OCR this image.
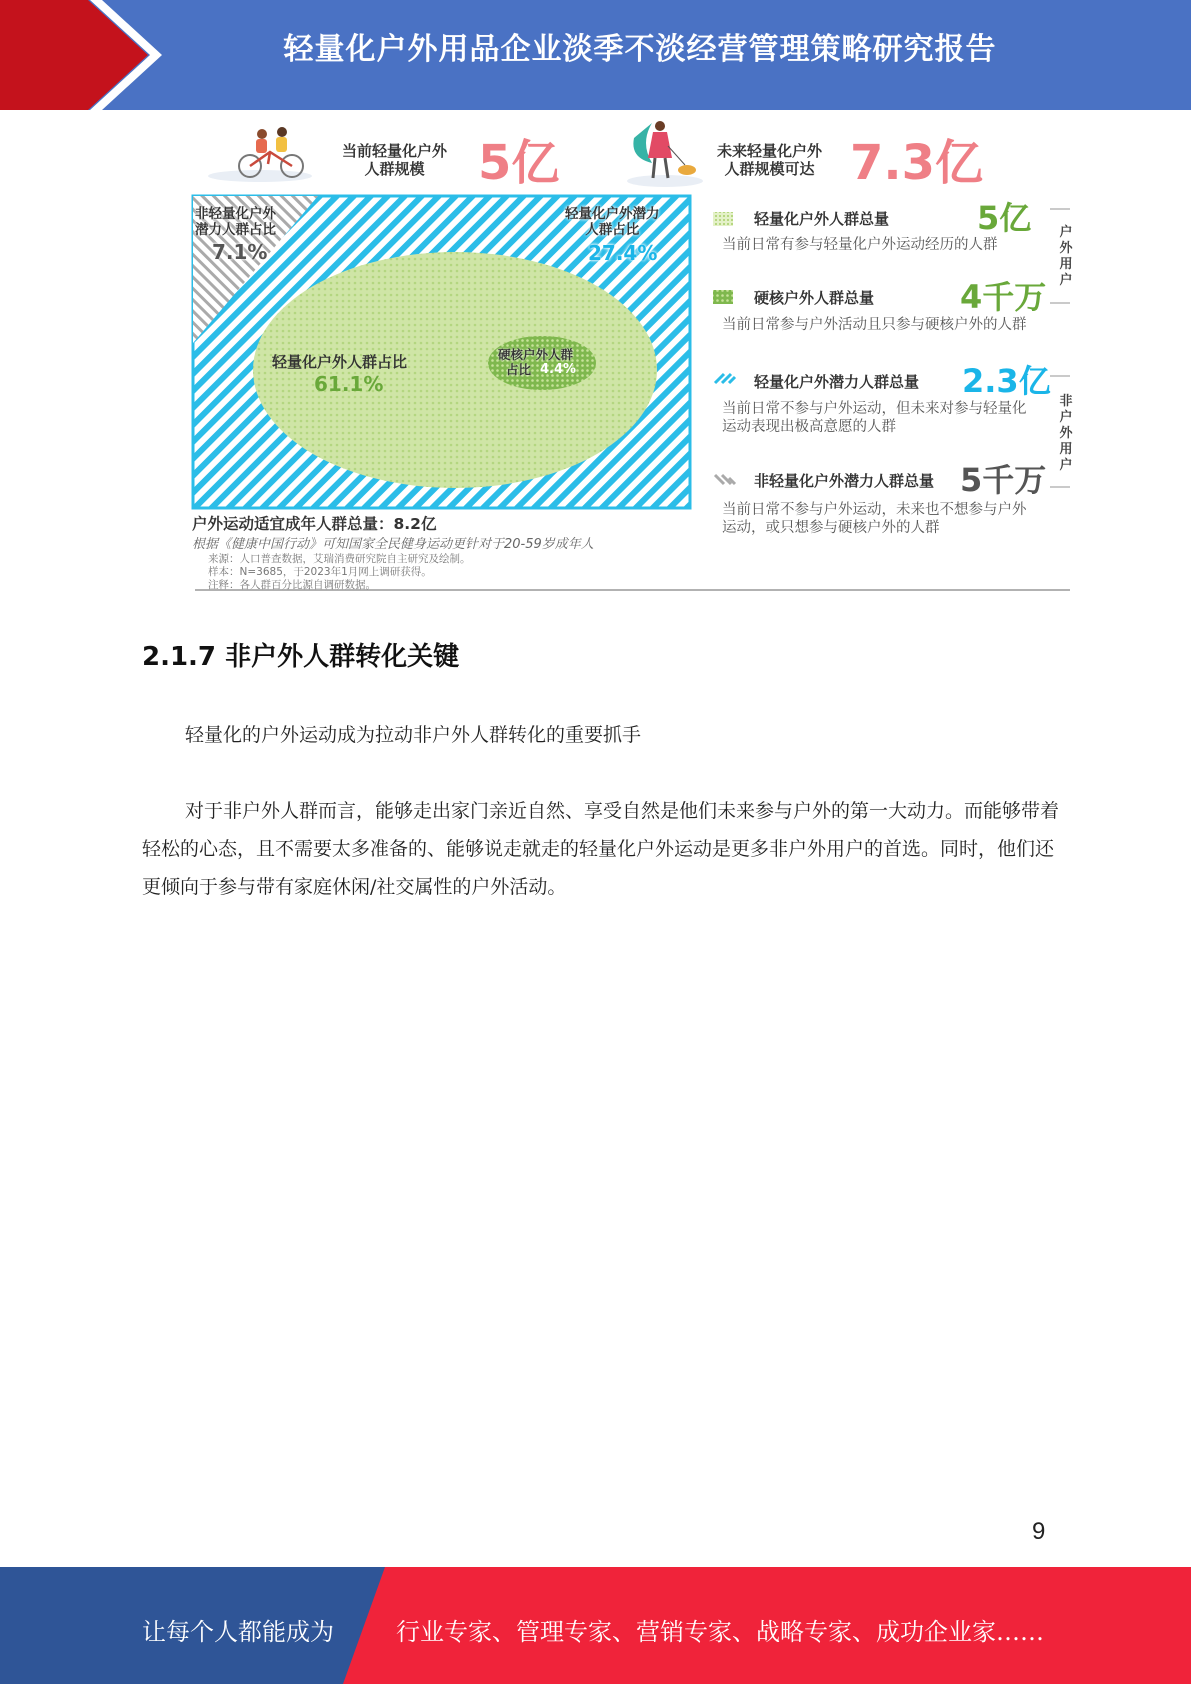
轻量化户外用品企业淡季不淡经营管理策略研究报告
当前轻量化户外
人群规模	5亿	未来轻量化户外
人群规模可达 7.3亿
非轻量化户外
潜力人群占比
7.1%
轻量化户外潜力
人群占比
27.4%
轻量化户外人群占比
61.1%
硬核户外人群
占比 4.4%
户外运动适宜成年人群总量：8.2亿
根据《健康中国行动》可知国家全民健身运动更针对于20-59岁成年人
来源：人口普查数据，艾瑞消费研究院自主研究及绘制。
样本：N=3685，于2023年1月网上调研获得。
注释：各人群百分比源自调研数据。
轻量化户外人群总量	5亿
当前日常有参与轻量化户外运动经历的人群
硬核户外人群总量	4千万
当前日常参与户外活动且只参与硬核户外的人群
轻量化户外潜力人群总量 2.3亿
当前日常不参与户外运动，但未来对参与轻量化
运动表现出极高意愿的人群
非轻量化户外潜力人群总量 5千万
当前日常不参与户外运动，未来也不想参与户外
运动，或只想参与硬核户外的人群
户外用户
非户外用户
2.1.7 非户外人群转化关键
轻量化的户外运动成为拉动非户外人群转化的重要抓手
对于非户外人群而言，能够走出家门亲近自然、享受自然是他们未来参与户外的第一大动力。而能够带着轻松的心态，且不需要太多准备的、能够说走就走的轻量化户外运动是更多非户外用户的首选。同时，他们还更倾向于参与带有家庭休闲/社交属性的户外活动。
9
让每个人都能成为	行业专家、管理专家、营销专家、战略专家、成功企业家……
